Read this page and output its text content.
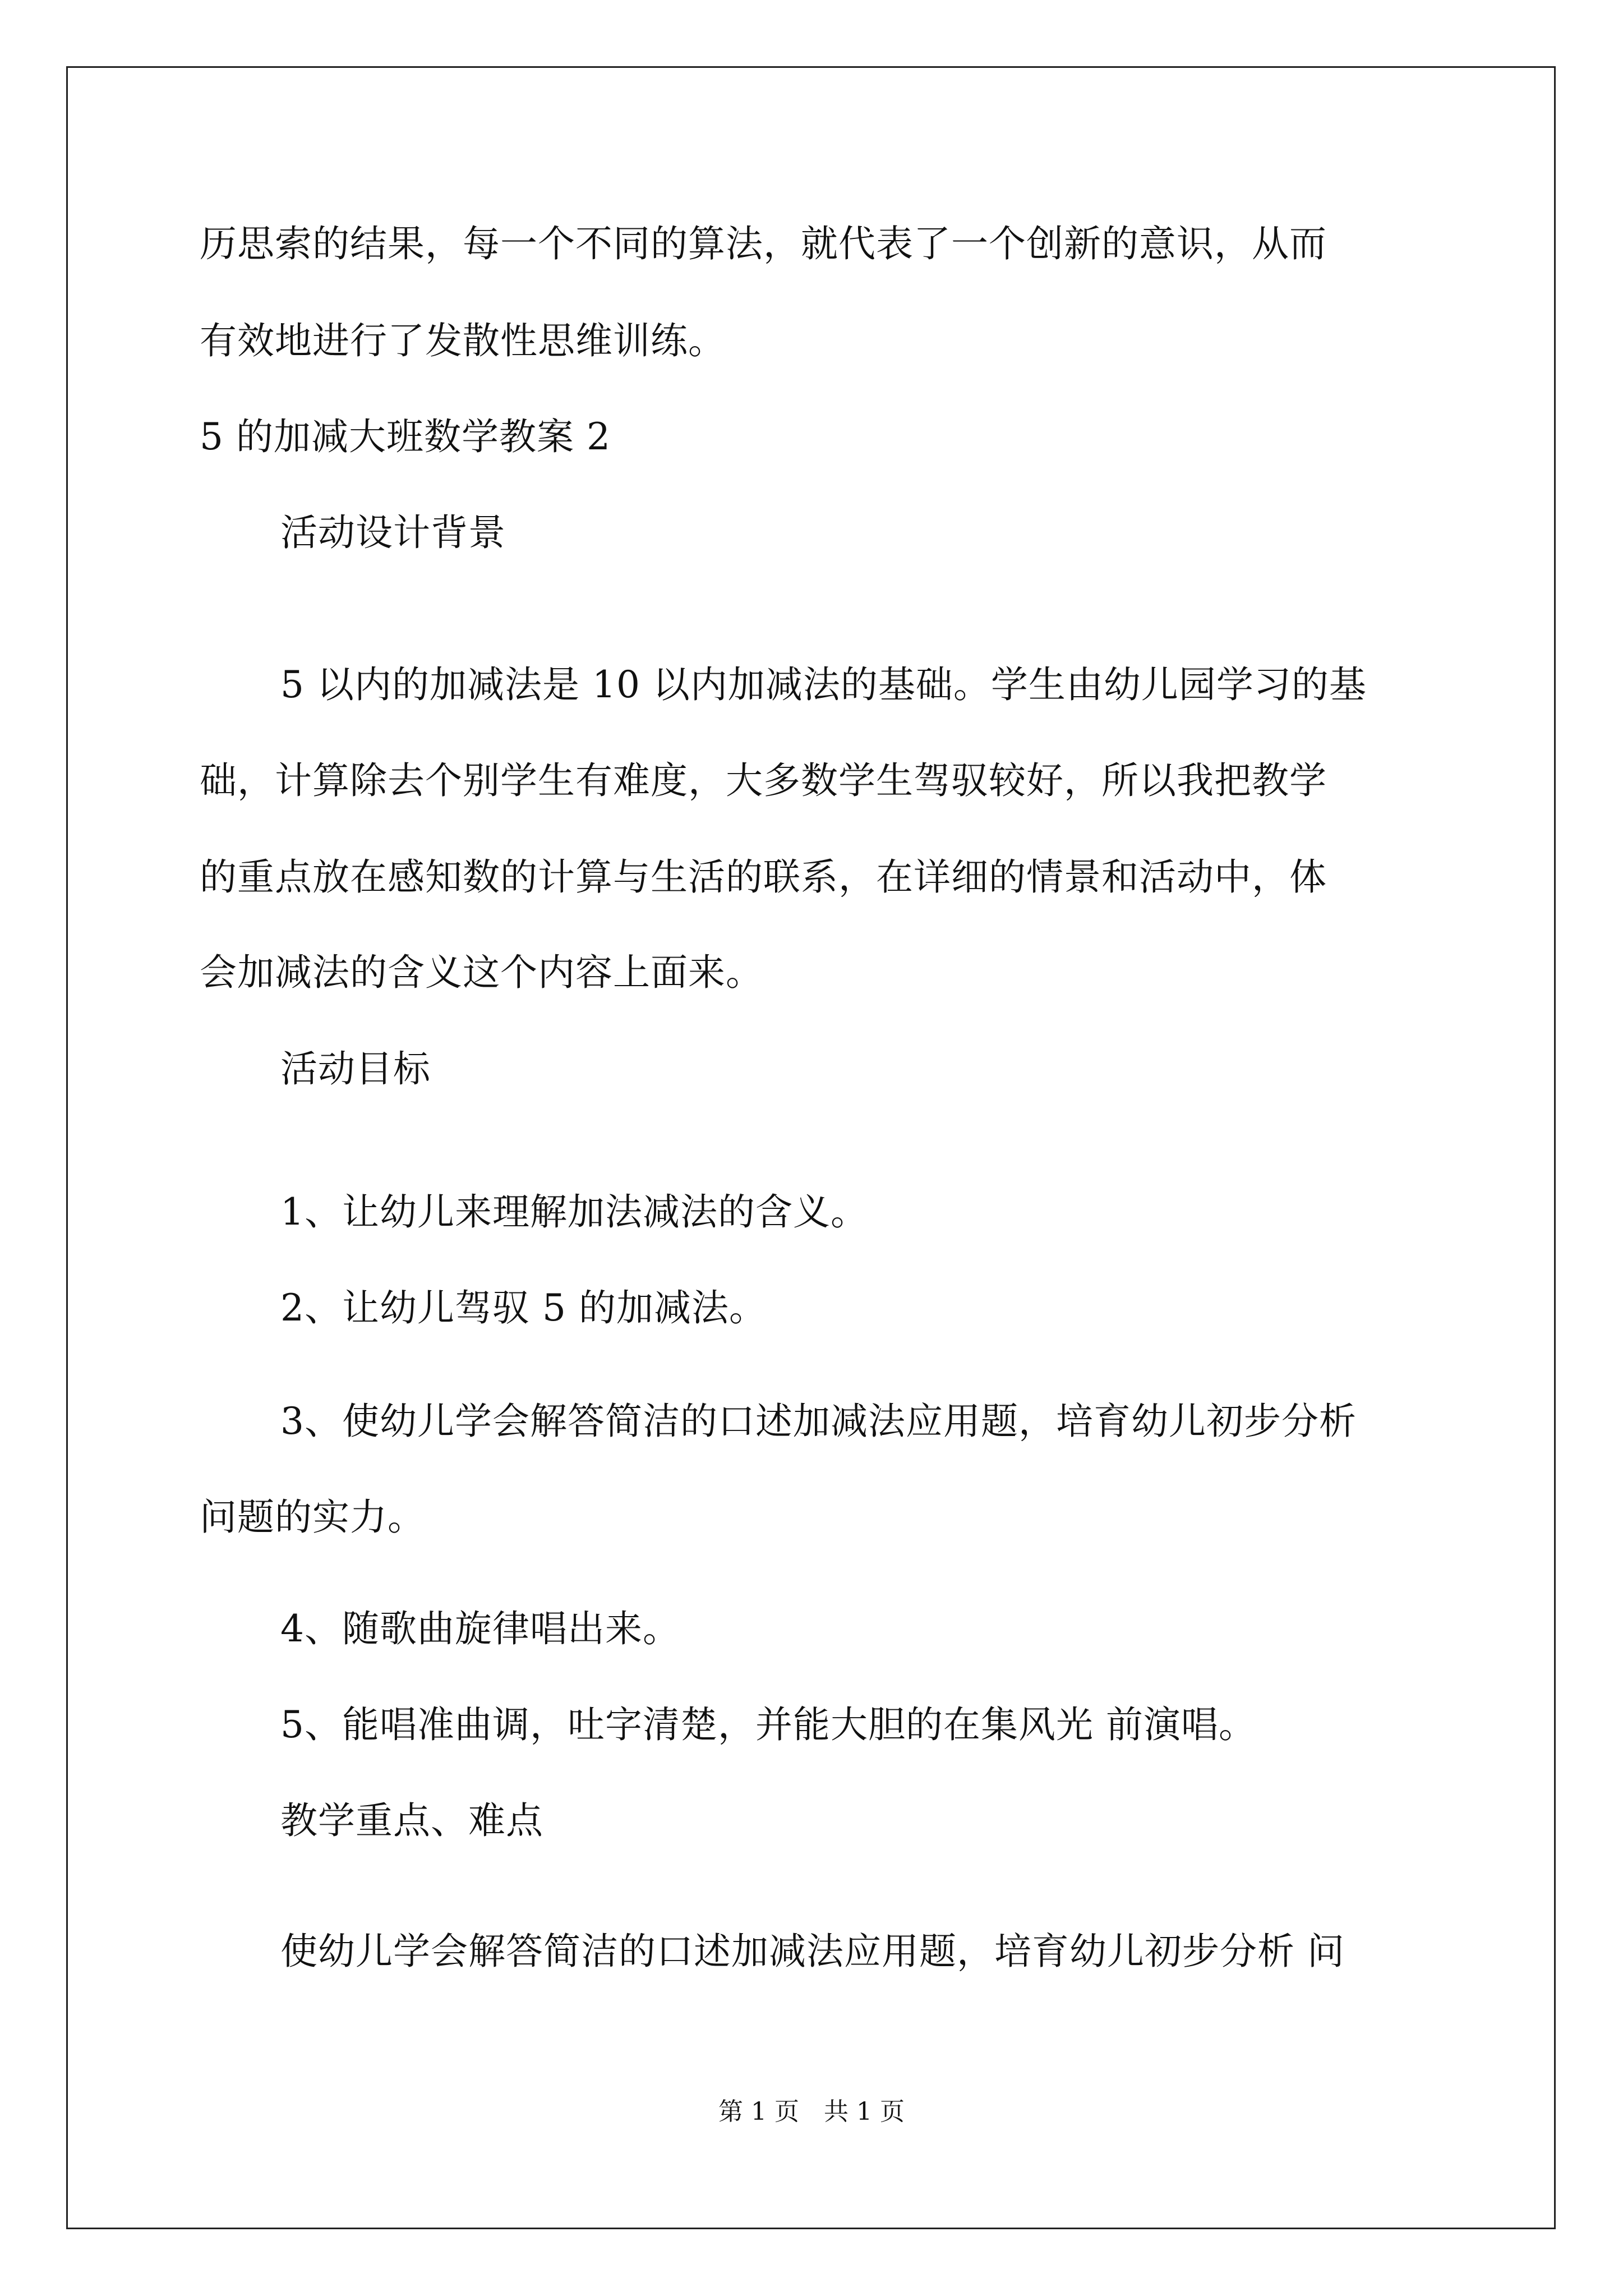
历思索的结果，每一个不同的算法，就代表了一个创新的意识，从而
有效地进行了发散性思维训练。
5 的加减大班数学教案 2
活动设计背景
5 以内的加减法是 10 以内加减法的基础。学生由幼儿园学习的基
础，计算除去个别学生有难度，大多数学生驾驭较好，所以我把教学
的重点放在感知数的计算与生活的联系，在详细的情景和活动中，体
会加减法的含义这个内容上面来。
活动目标
1、让幼儿来理解加法减法的含义。
2、让幼儿驾驭 5 的加减法。
3、使幼儿学会解答简洁的口述加减法应用题，培育幼儿初步分析
问题的实力。
4、随歌曲旋律唱出来。
5、能唱准曲调，吐字清楚，并能大胆的在集风光 前演唱。
教学重点、难点
使幼儿学会解答简洁的口述加减法应用题，培育幼儿初步分析 问
第 1 页　共 1 页
